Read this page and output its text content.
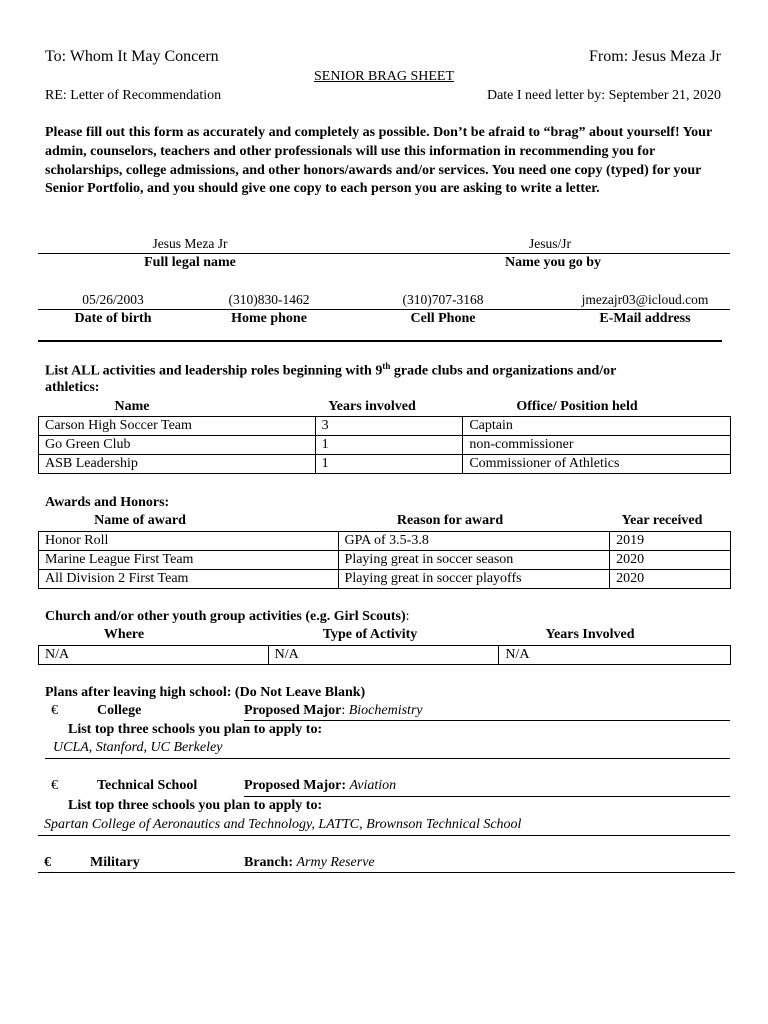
To: Whom It May Concern	From: Jesus Meza Jr
SENIOR BRAG SHEET
RE: Letter of Recommendation	Date I need letter by: September 21, 2020
Please fill out this form as accurately and completely as possible. Don’t be afraid to “brag” about yourself! Your admin, counselors, teachers and other professionals will use this information in recommending you for scholarships, college admissions, and other honors/awards and/or services. You need one copy (typed) for your Senior Portfolio, and you should give one copy to each person you are asking to write a letter.
Jesus Meza Jr	Jesus/Jr
Full legal name	Name you go by
05/26/2003	(310)830-1462	(310)707-3168	jmezajr03@icloud.com
Date of birth	Home phone	Cell Phone	E-Mail address
List ALL activities and leadership roles beginning with 9th grade clubs and organizations and/or
athletics:
Name	Years involved	Office/ Position held
Carson High Soccer Team	3	Captain
Go Green Club	1	non-commissioner
ASB Leadership	1	Commissioner of Athletics
Awards and Honors:
Name of award	Reason for award	Year received
Honor Roll	GPA of 3.5-3.8	2019
Marine League First Team	Playing great in soccer season	2020
All Division 2 First Team	Playing great in soccer playoffs	2020
Church and/or other youth group activities (e.g. Girl Scouts):
Where	Type of Activity	Years Involved
N/A	N/A	N/A
Plans after leaving high school: (Do Not Leave Blank)
€	College	Proposed Major: Biochemistry
List top three schools you plan to apply to:
UCLA, Stanford, UC Berkeley
€	Technical School	Proposed Major: Aviation
List top three schools you plan to apply to:
Spartan College of Aeronautics and Technology, LATTC, Brownson Technical School
€	Military	Branch: Army Reserve
